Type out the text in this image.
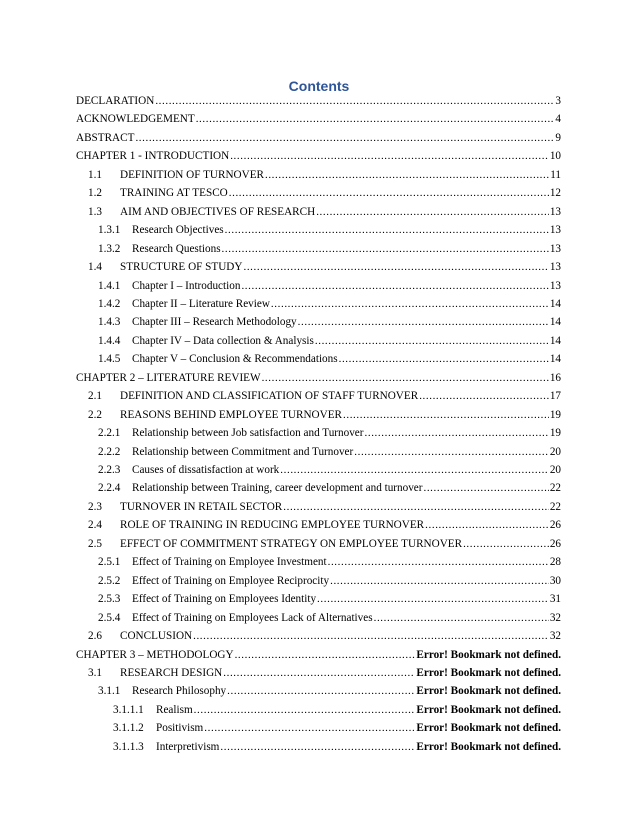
Contents
DECLARATION .....	3
ACKNOWLEDGEMENT .....	4
ABSTRACT .....	9
CHAPTER 1 - INTRODUCTION .....	10
1.1	DEFINITION OF TURNOVER .....	11
1.2	TRAINING AT TESCO .....	12
1.3	AIM AND OBJECTIVES OF RESEARCH .....	13
1.3.1	Research Objectives .....	13
1.3.2	Research Questions .....	13
1.4	STRUCTURE OF STUDY .....	13
1.4.1	Chapter I – Introduction .....	13
1.4.2	Chapter II – Literature Review .....	14
1.4.3	Chapter III – Research Methodology .....	14
1.4.4	Chapter IV – Data collection & Analysis .....	14
1.4.5	Chapter V – Conclusion & Recommendations .....	14
CHAPTER 2 – LITERATURE REVIEW .....	16
2.1	DEFINITION AND CLASSIFICATION OF STAFF TURNOVER .....	17
2.2	REASONS BEHIND EMPLOYEE TURNOVER .....	19
2.2.1	Relationship between Job satisfaction and Turnover .....	19
2.2.2	Relationship between Commitment and Turnover .....	20
2.2.3	Causes of dissatisfaction at work .....	20
2.2.4	Relationship between Training, career development and turnover .....	22
2.3	TURNOVER IN RETAIL SECTOR .....	22
2.4	ROLE OF TRAINING IN REDUCING EMPLOYEE TURNOVER .....	26
2.5	EFFECT OF COMMITMENT STRATEGY ON EMPLOYEE TURNOVER .....	26
2.5.1	Effect of Training on Employee Investment .....	28
2.5.2	Effect of Training on Employee Reciprocity .....	30
2.5.3	Effect of Training on Employees Identity .....	31
2.5.4	Effect of Training on Employees Lack of Alternatives .....	32
2.6	CONCLUSION .....	32
CHAPTER 3 – METHODOLOGY .....	Error! Bookmark not defined.
3.1	RESEARCH DESIGN .....	Error! Bookmark not defined.
3.1.1	Research Philosophy .....	Error! Bookmark not defined.
3.1.1.1	Realism .....	Error! Bookmark not defined.
3.1.1.2	Positivism .....	Error! Bookmark not defined.
3.1.1.3	Interpretivism .....	Error! Bookmark not defined.
